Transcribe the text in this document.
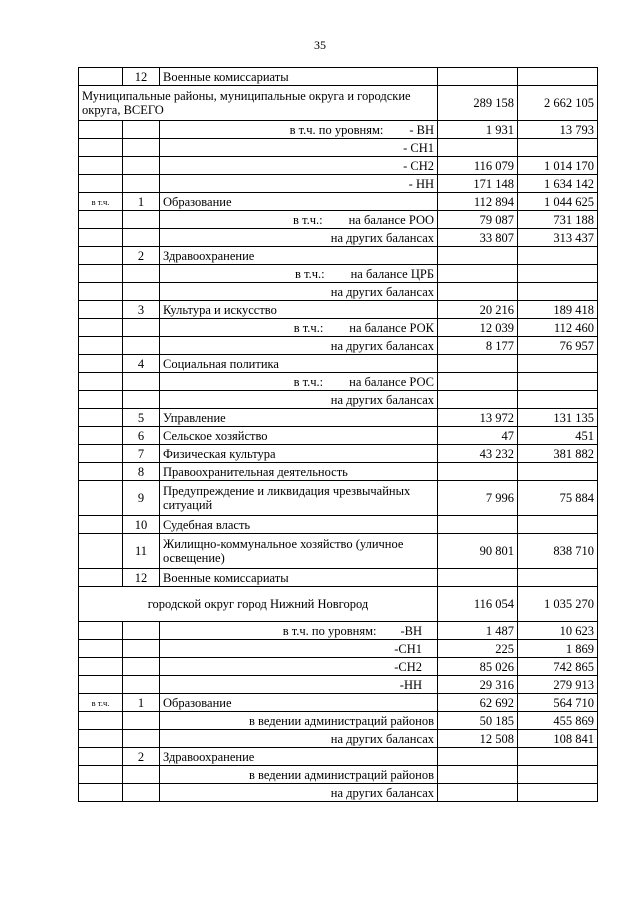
35
	12	Военные комиссариаты		
Муниципальные районы, муниципальные округа и городские округа, ВСЕГО			289 158	2 662 105
		в т.ч. по уровням: - ВН	1 931	13 793
		- СН1		
		- СН2	116 079	1 014 170
		- НН	171 148	1 634 142
в т.ч.	1	Образование	112 894	1 044 625
		в т.ч.: на балансе РОО	79 087	731 188
		на других балансах	33 807	313 437
	2	Здравоохранение		
		в т.ч.: на балансе ЦРБ		
		на других балансах		
	3	Культура и искусство	20 216	189 418
		в т.ч.: на балансе РОК	12 039	112 460
		на других балансах	8 177	76 957
	4	Социальная политика		
		в т.ч.: на балансе РОС		
		на других балансах		
	5	Управление	13 972	131 135
	6	Сельское хозяйство	47	451
	7	Физическая культура	43 232	381 882
	8	Правоохранительная деятельность		
	9	Предупреждение и ликвидация чрезвычайных ситуаций	7 996	75 884
	10	Судебная власть		
	11	Жилищно-коммунальное хозяйство (уличное освещение)	90 801	838 710
	12	Военные комиссариаты		
городской округ город Нижний Новгород			116 054	1 035 270
		в т.ч. по уровням: -ВН	1 487	10 623
		-СН1	225	1 869
		-СН2	85 026	742 865
		-НН	29 316	279 913
в т.ч.	1	Образование	62 692	564 710
		в ведении администраций районов	50 185	455 869
		на других балансах	12 508	108 841
	2	Здравоохранение		
		в ведении администраций районов		
		на других балансах		
